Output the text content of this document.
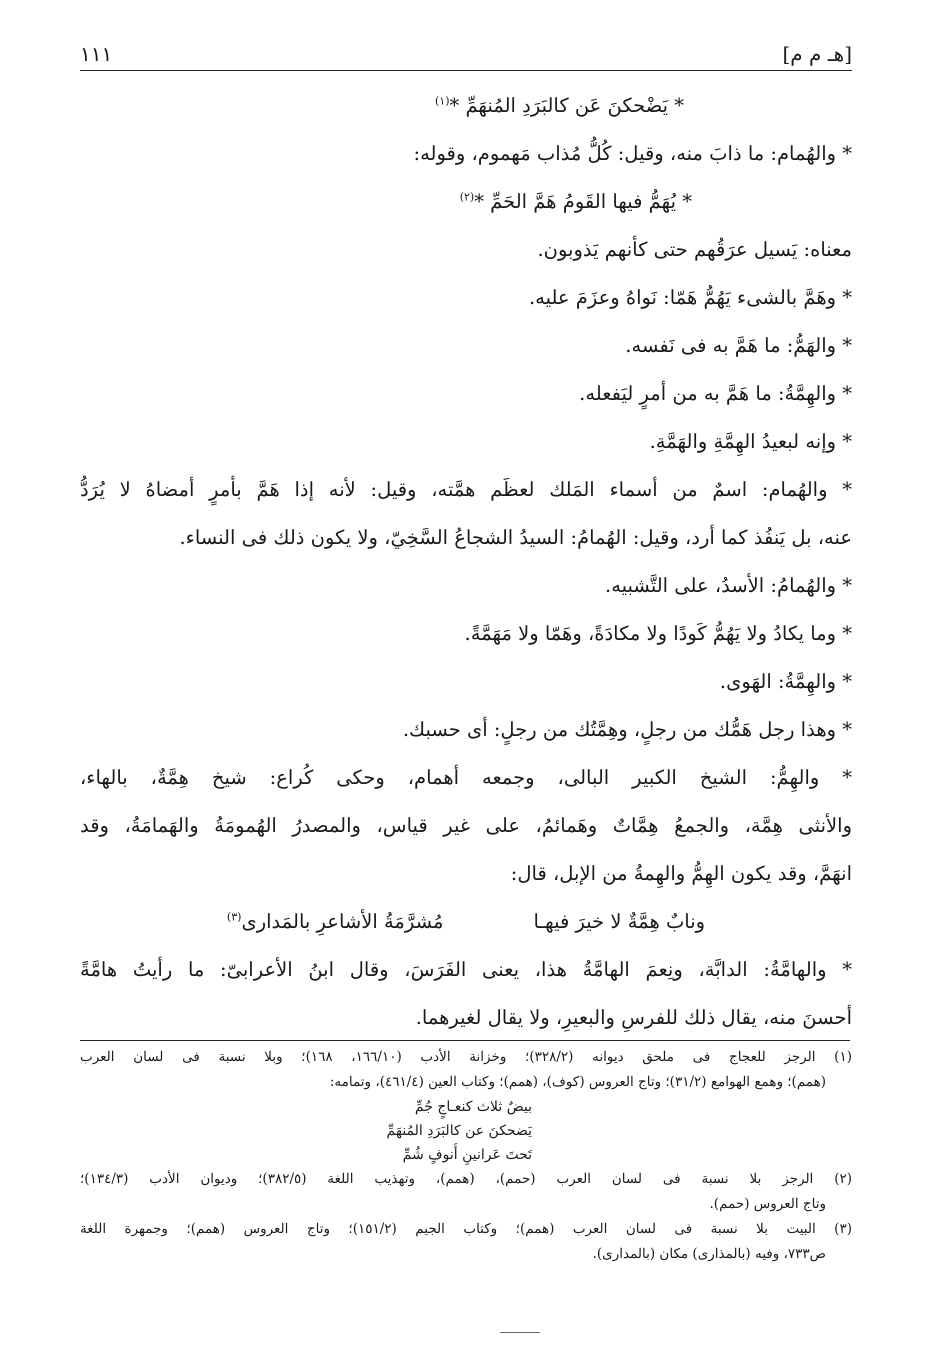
[هـ م م]
١١١
* يَضْحكنَ عَن كالبَرَدِ المُنهَمِّ *$^{(١)}$
* والهُمام: ما ذابَ منه، وقيل: كُلُّ مُذاب مَهموم، وقوله:
* يُهَمُّ فيها القَومُ هَمَّ الحَمِّ *$^{(٢)}$
معناه: يَسيل عرَقُهم حتى كأنهم يَذوبون.
* وهَمَّ بالشىء يَهُمُّ هَمّا: نَواهُ وعزَمَ عليه.
* والهَمُّ: ما هَمَّ به فى نَفسه.
* والهِمَّةُ: ما هَمَّ به من أمرٍ ليَفعله.
* وإنه لبعيدُ الهِمَّةِ والهَمَّةِ.
* والهُمام: اسمٌ من أسماء المَلك لعظَم همَّته، وقيل: لأنه إذا هَمَّ بأمرٍ أمضاهُ لا يُرَدُّ
عنه، بل يَنفُذ كما أرد، وقيل: الهُمامُ: السيدُ الشجاعُ السَّخِيّ، ولا يكون ذلك فى النساء.
* والهُمامُ: الأسدُ، على التَّشبيه.
* وما يكادُ ولا يَهُمُّ كَودًا ولا مكادَةً، وهَمّا ولا مَهَمَّةً.
* والهِمَّةُ: الهَوى.
* وهذا رجل هَمُّك من رجلٍ، وهِمَّتُك من رجلٍ: أى حسبك.
* والهِمُّ: الشيخ الكبير البالى، وجمعه أهمام، وحكى كُراع: شيخ هِمَّةٌ، بالهاء،
والأنثى هِمَّة، والجمعُ هِمَّاتٌ وهَمائمُ، على غير قياس، والمصدرُ الهُمومَةُ والهَمامَةُ، وقد
انهَمَّ، وقد يكون الهِمُّ والهِمةُ من الإبل، قال:
ونابٌ هِمَّةٌ لا خيرَ فيهـا
مُشرَّمَةُ الأشاعرِ بالمَدارى$^{(٣)}$
* والهامَّةُ: الدابَّة، ونِعمَ الهامَّةُ هذا، يعنى الفَرَسَ، وقال ابنُ الأعرابىّ: ما رأيتُ هامَّةً
أحسنَ منه، يقال ذلك للفرسِ والبعيرِ، ولا يقال لغيرهما.
(١) الرجز للعجاج فى ملحق ديوانه (٣٢٨/٢)؛ وخزانة الأدب (١٦٦/١٠، ١٦٨)؛ وبلا نسبة فى لسان العرب
(همم)؛ وهمع الهوامع (٣١/٢)؛ وتاج العروس (كوف)، (همم)؛ وكتاب العين (٤٦١/٤)، وتمامه:
بيضٌ ثلاث كنعـاجٍ جُمِّ
يَضحكنَ عن كالبَرَدِ المُنهَمِّ
تَحتَ عَرانينِ أُنوفٍ شُمِّ
(٢) الرجز بلا نسبة فى لسان العرب (حمم)، (همم)، وتهذيب اللغة (٣٨٢/٥)؛ وديوان الأدب (١٣٤/٣)؛
وتاج العروس (حمم).
(٣) البيت بلا نسبة فى لسان العرب (همم)؛ وكتاب الجيم (١٥١/٢)؛ وتاج العروس (همم)؛ وجمهرة اللغة
ص٧٣٣، وفيه (بالمذارى) مكان (بالمدارى).
